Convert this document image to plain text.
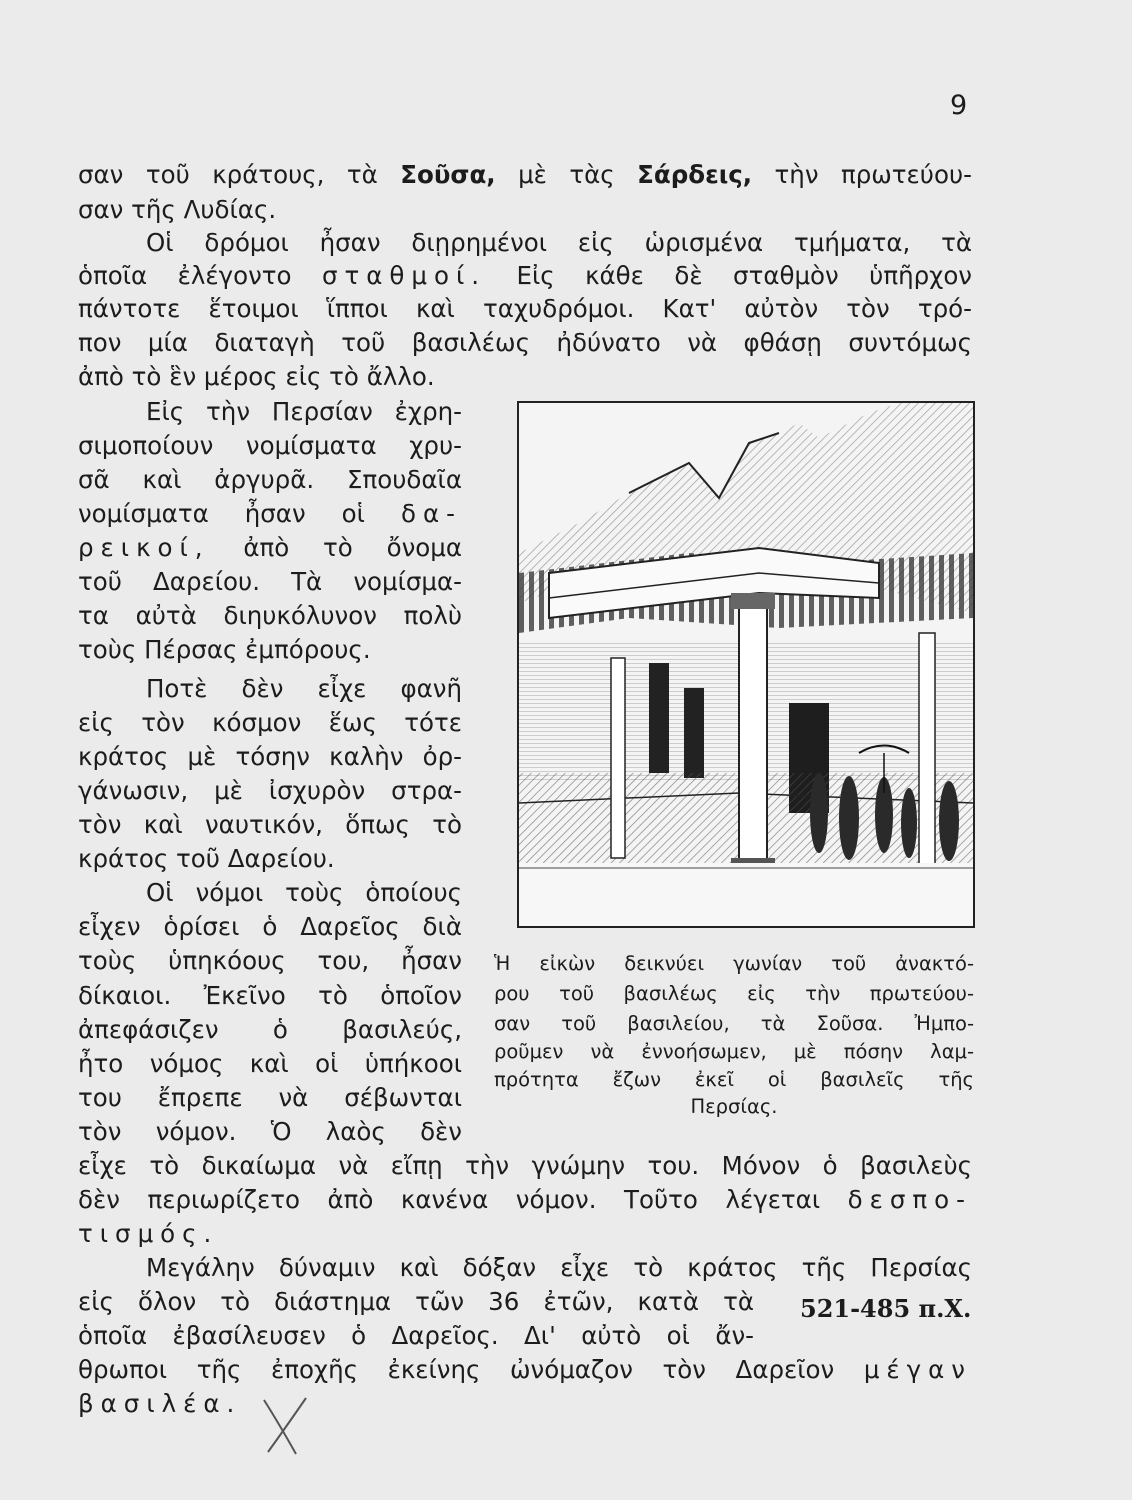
9
σαν τοῦ κράτους, τὰ Σοῦσα, μὲ τὰς Σάρδεις, τὴν πρωτεύου-
σαν τῆς Λυδίας.
Οἱ δρόμοι ἦσαν διῃρημένοι εἰς ὡρισμένα τμήματα, τὰ
ὁποῖα ἐλέγοντο σταθμοί. Εἰς κάθε δὲ σταθμὸν ὑπῆρχον
πάντοτε ἕτοιμοι ἵπποι καὶ ταχυδρόμοι. Κατ' αὐτὸν τὸν τρό-
πον μία διαταγὴ τοῦ βασιλέως ἠδύνατο νὰ φθάσῃ συντόμως
ἀπὸ τὸ ἓν μέρος εἰς τὸ ἄλλο.
Εἰς τὴν Περσίαν ἐχρη-
σιμοποίουν νομίσματα χρυ-
σᾶ καὶ ἀργυρᾶ. Σπουδαῖα
νομίσματα ἦσαν οἱ δα-
ρεικοί, ἀπὸ τὸ ὄνομα
τοῦ Δαρείου. Τὰ νομίσμα-
τα αὐτὰ διηυκόλυνον πολὺ
τοὺς Πέρσας ἐμπόρους.
Ποτὲ δὲν εἶχε φανῆ
εἰς τὸν κόσμον ἕως τότε
κράτος μὲ τόσην καλὴν ὀρ-
γάνωσιν, μὲ ἰσχυρὸν στρα-
τὸν καὶ ναυτικόν, ὅπως τὸ
κράτος τοῦ Δαρείου.
Οἱ νόμοι τοὺς ὁποίους
εἶχεν ὁρίσει ὁ Δαρεῖος διὰ
τοὺς ὑπηκόους του, ἦσαν
δίκαιοι. Ἐκεῖνο τὸ ὁποῖον
ἀπεφάσιζεν ὁ βασιλεύς,
ἦτο νόμος καὶ οἱ ὑπήκοοι
του ἔπρεπε νὰ σέβωνται
τὸν νόμον. Ὁ λαὸς δὲν
Ἡ εἰκὼν δεικνύει γωνίαν τοῦ ἀνακτό-
ρου τοῦ βασιλέως εἰς τὴν πρωτεύου-
σαν τοῦ βασιλείου, τὰ Σοῦσα. Ἠμπο-
ροῦμεν νὰ ἐννοήσωμεν, μὲ πόσην λαμ-
πρότητα ἔζων ἐκεῖ οἱ βασιλεῖς τῆς
Περσίας.
εἶχε τὸ δικαίωμα νὰ εἴπῃ τὴν γνώμην του. Μόνον ὁ βασιλεὺς
δὲν περιωρίζετο ἀπὸ κανένα νόμον. Τοῦτο λέγεται δεσπο-
τισμός.
Μεγάλην δύναμιν καὶ δόξαν εἶχε τὸ κράτος τῆς Περσίας
εἰς ὅλον τὸ διάστημα τῶν 36 ἐτῶν, κατὰ τὰ
ὁποῖα ἐβασίλευσεν ὁ Δαρεῖος. Δι' αὐτὸ οἱ ἄν-
521-485 π.Χ.
θρωποι τῆς ἐποχῆς ἐκείνης ὠνόμαζον τὸν Δαρεῖον μέγαν
βασιλέα.
